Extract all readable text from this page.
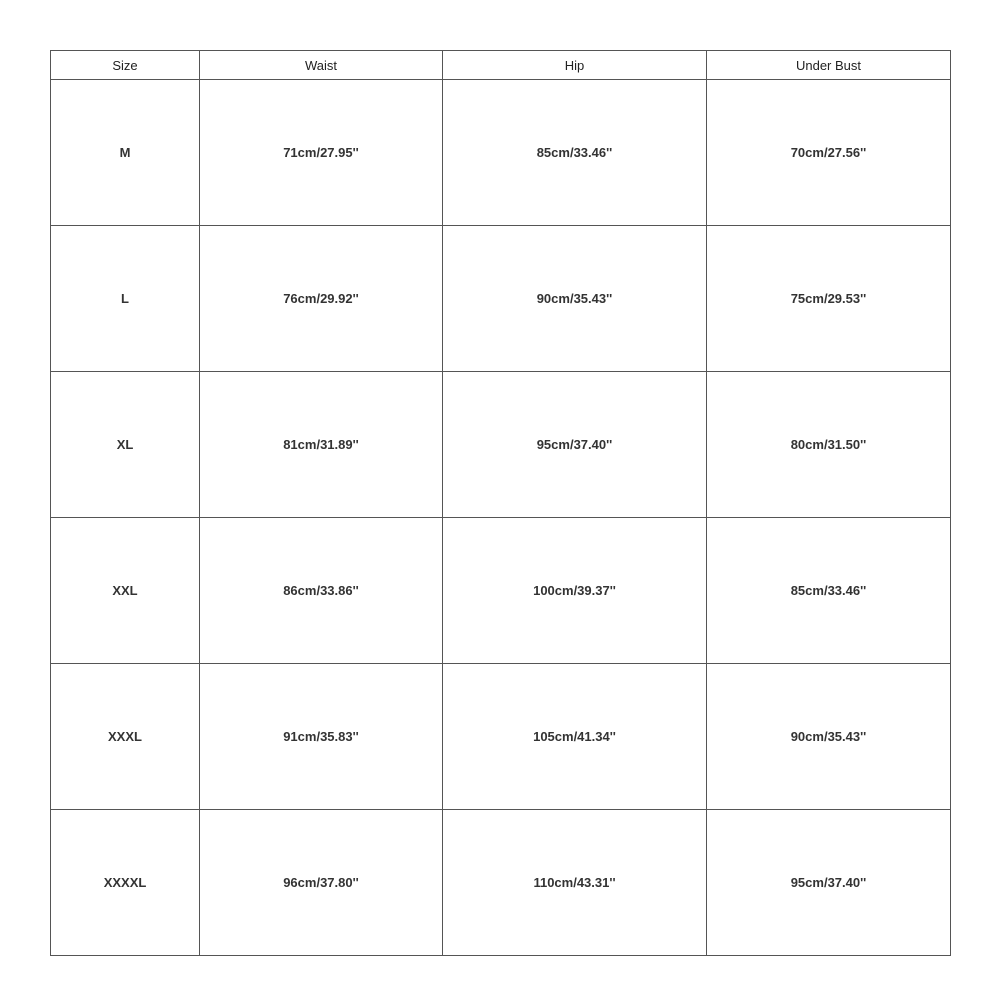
Size	Waist	Hip	Under Bust
M	71cm/27.95''	85cm/33.46''	70cm/27.56''
L	76cm/29.92''	90cm/35.43''	75cm/29.53''
XL	81cm/31.89''	95cm/37.40''	80cm/31.50''
XXL	86cm/33.86''	100cm/39.37''	85cm/33.46''
XXXL	91cm/35.83''	105cm/41.34''	90cm/35.43''
XXXXL	96cm/37.80''	110cm/43.31''	95cm/37.40''
